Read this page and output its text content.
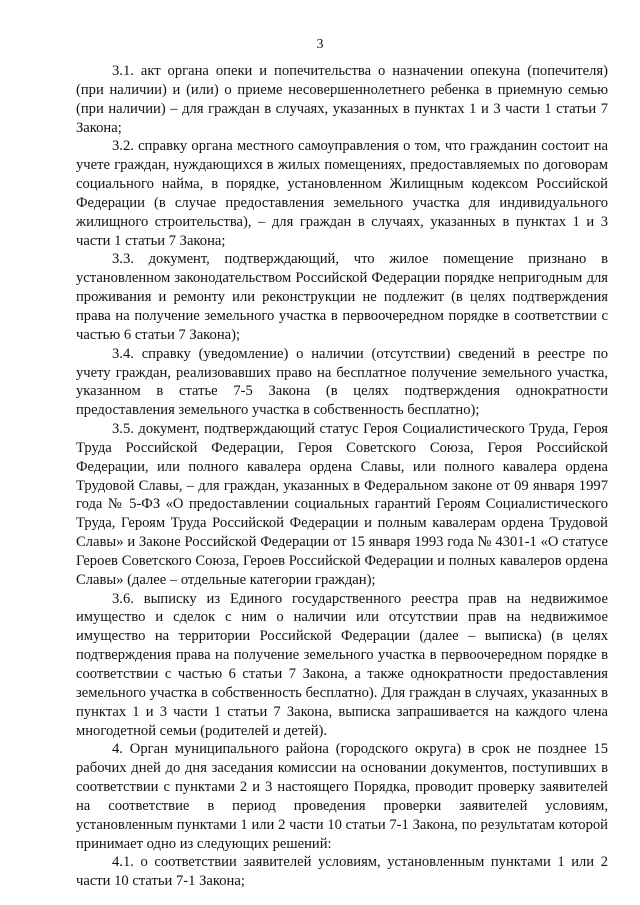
3

3.1. акт органа опеки и попечительства о назначении опекуна (попечителя) (при наличии) и (или) о приеме несовершеннолетнего ребенка в приемную семью (при наличии) – для граждан в случаях, указанных в пунктах 1 и 3 части 1 статьи 7 Закона;

3.2. справку органа местного самоуправления о том, что гражданин состоит на учете граждан, нуждающихся в жилых помещениях, предоставляемых по договорам социального найма, в порядке, установленном Жилищным кодексом Российской Федерации (в случае предоставления земельного участка для индивидуального жилищного строительства), – для граждан в случаях, указанных в пунктах 1 и 3 части 1 статьи 7 Закона;

3.3. документ, подтверждающий, что жилое помещение признано в установленном законодательством Российской Федерации порядке непригодным для проживания и ремонту или реконструкции не подлежит (в целях подтверждения права на получение земельного участка в первоочередном порядке в соответствии с частью 6 статьи 7 Закона);

3.4. справку (уведомление) о наличии (отсутствии) сведений в реестре по учету граждан, реализовавших право на бесплатное получение земельного участка, указанном в статье 7-5 Закона (в целях подтверждения однократности предоставления земельного участка в собственность бесплатно);

3.5. документ, подтверждающий статус Героя Социалистического Труда, Героя Труда Российской Федерации, Героя Советского Союза, Героя Российской Федерации, или полного кавалера ордена Славы, или полного кавалера ордена Трудовой Славы, – для граждан, указанных в Федеральном законе от 09 января 1997 года № 5-ФЗ «О предоставлении социальных гарантий Героям Социалистического Труда, Героям Труда Российской Федерации и полным кавалерам ордена Трудовой Славы» и Законе Российской Федерации от 15 января 1993 года № 4301-1 «О статусе Героев Советского Союза, Героев Российской Федерации и полных кавалеров ордена Славы» (далее – отдельные категории граждан);

3.6. выписку из Единого государственного реестра прав на недвижимое имущество и сделок с ним о наличии или отсутствии прав на недвижимое имущество на территории Российской Федерации (далее – выписка) (в целях подтверждения права на получение земельного участка в первоочередном порядке в соответствии с частью 6 статьи 7 Закона, а также однократности предоставления земельного участка в собственность бесплатно). Для граждан в случаях, указанных в пунктах 1 и 3 части 1 статьи 7 Закона, выписка запрашивается на каждого члена многодетной семьи (родителей и детей).

4. Орган муниципального района (городского округа) в срок не позднее 15 рабочих дней до дня заседания комиссии на основании документов, поступивших в соответствии с пунктами 2 и 3 настоящего Порядка, проводит проверку заявителей на соответствие в период проведения проверки заявителей условиям, установленным пунктами 1 или 2 части 10 статьи 7-1 Закона, по результатам которой принимает одно из следующих решений:

4.1. о соответствии заявителей условиям, установленным пунктами 1 или 2 части 10 статьи 7-1 Закона;
